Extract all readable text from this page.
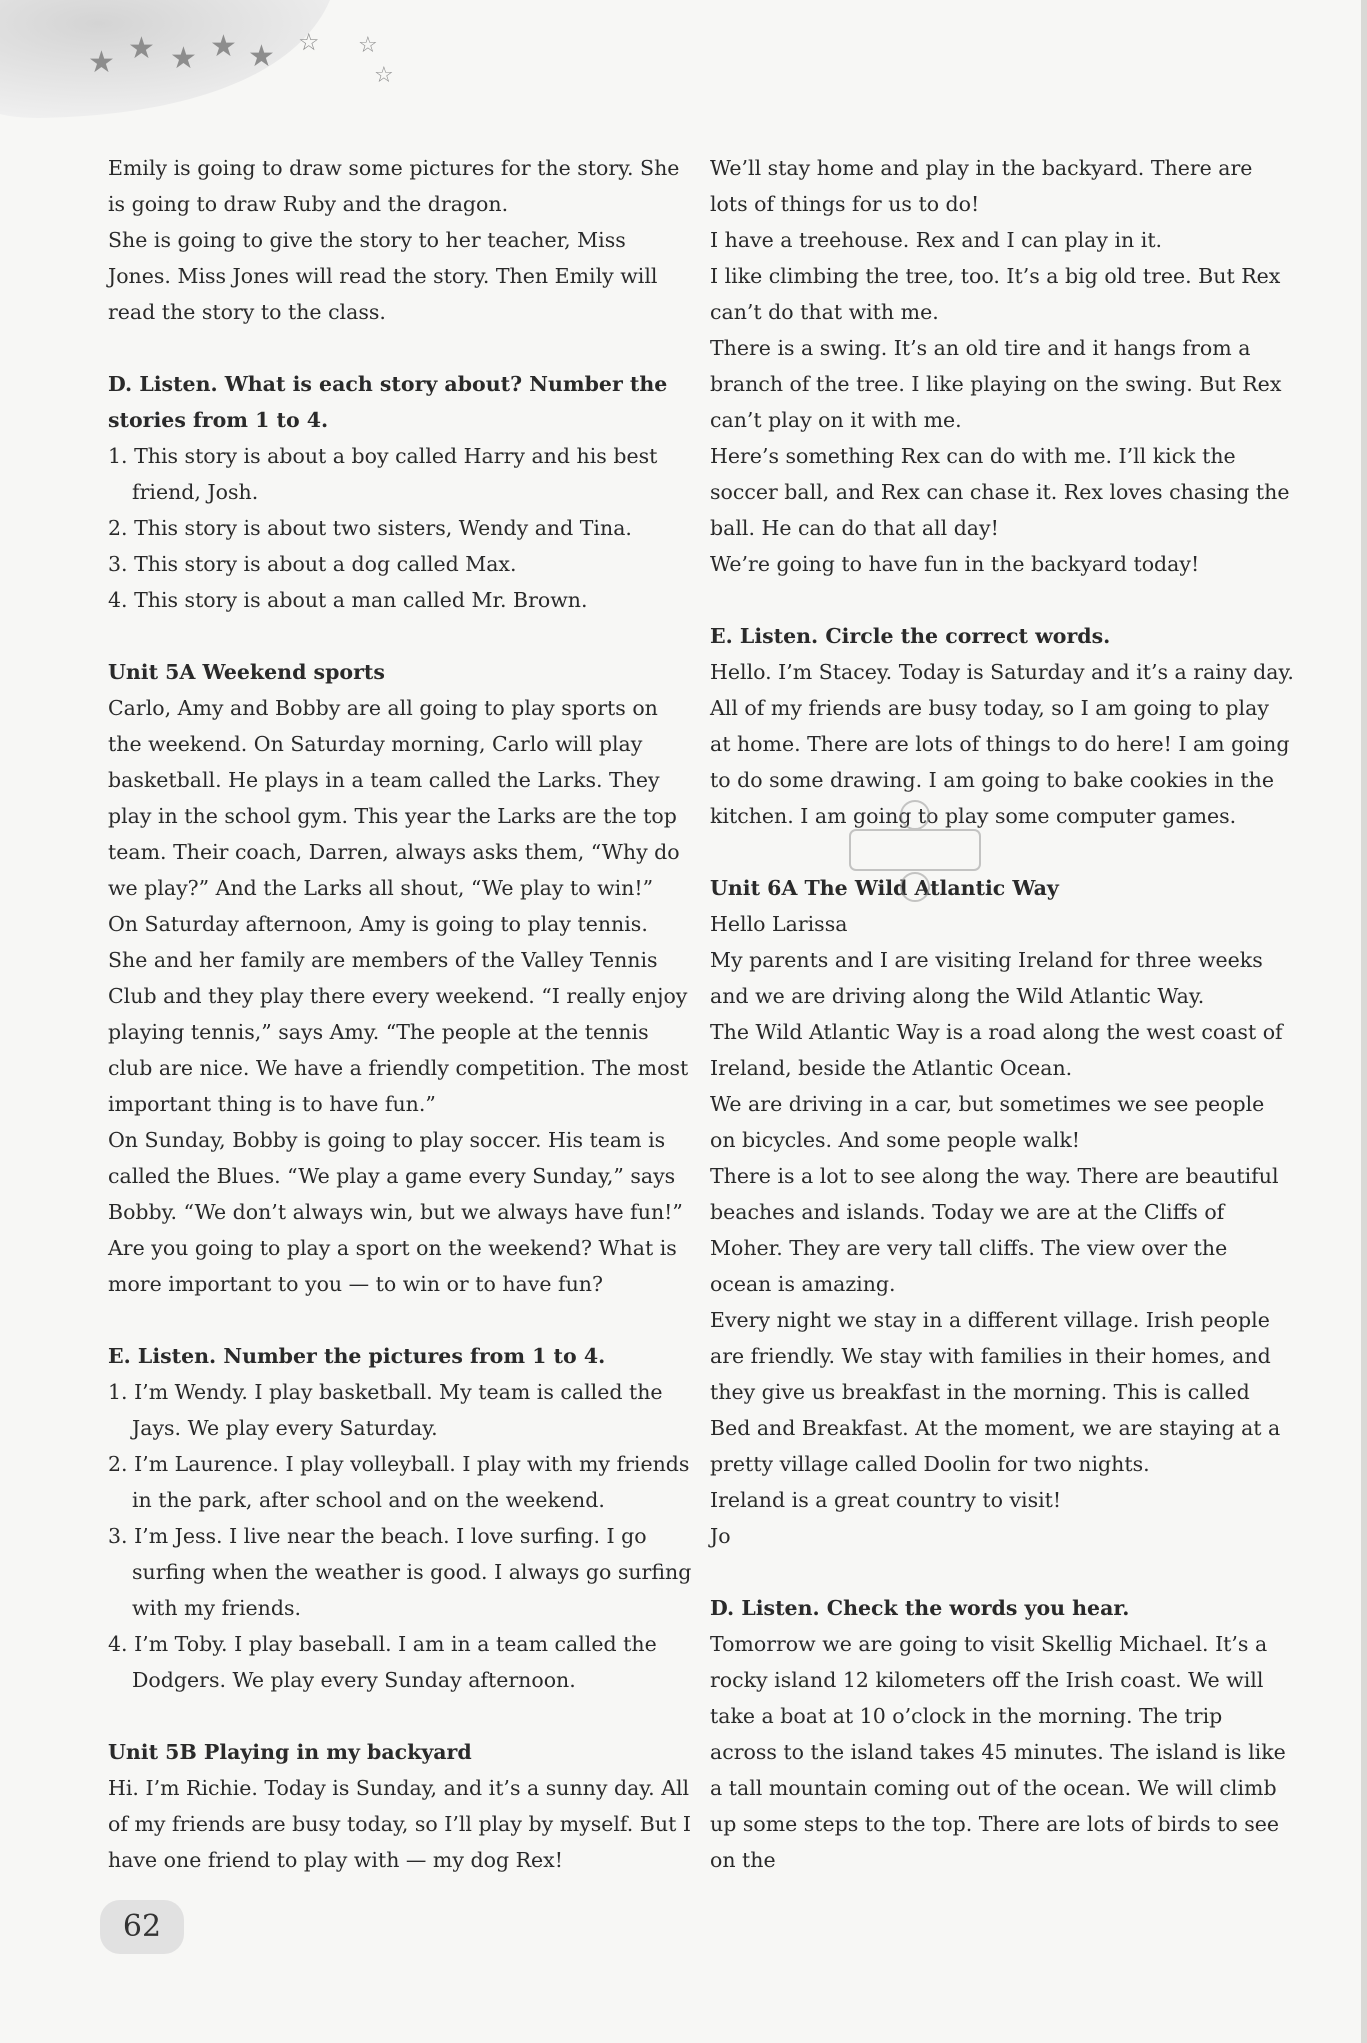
★ ★ ★ ★ ★ ☆ ☆
☆

Emily is going to draw some pictures for the story. She is going to draw Ruby and the dragon.

She is going to give the story to her teacher, Miss Jones. Miss Jones will read the story. Then Emily will read the story to the class.

D. Listen. What is each story about? Number the stories from 1 to 4.

1. This story is about a boy called Harry and his best friend, Josh.

2. This story is about two sisters, Wendy and Tina.

3. This story is about a dog called Max.

4. This story is about a man called Mr. Brown.

Unit 5A Weekend sports

Carlo, Amy and Bobby are all going to play sports on the weekend. On Saturday morning, Carlo will play basketball. He plays in a team called the Larks. They play in the school gym. This year the Larks are the top team. Their coach, Darren, always asks them, “Why do we play?” And the Larks all shout, “We play to win!”

On Saturday afternoon, Amy is going to play tennis. She and her family are members of the Valley Tennis Club and they play there every weekend. “I really enjoy playing tennis,” says Amy. “The people at the tennis club are nice. We have a friendly competition. The most important thing is to have fun.”

On Sunday, Bobby is going to play soccer. His team is called the Blues. “We play a game every Sunday,” says Bobby. “We don’t always win, but we always have fun!”

Are you going to play a sport on the weekend? What is more important to you — to win or to have fun?

E. Listen. Number the pictures from 1 to 4.

1. I’m Wendy. I play basketball. My team is called the Jays. We play every Saturday.

2. I’m Laurence. I play volleyball. I play with my friends in the park, after school and on the weekend.

3. I’m Jess. I live near the beach. I love surfing. I go surfing when the weather is good. I always go surfing with my friends.

4. I’m Toby. I play baseball. I am in a team called the Dodgers. We play every Sunday afternoon.

Unit 5B Playing in my backyard

Hi. I’m Richie. Today is Sunday, and it’s a sunny day. All of my friends are busy today, so I’ll play by myself. But I have one friend to play with — my dog Rex!

We’ll stay home and play in the backyard. There are lots of things for us to do!

I have a treehouse. Rex and I can play in it.

I like climbing the tree, too. It’s a big old tree. But Rex can’t do that with me.

There is a swing. It’s an old tire and it hangs from a branch of the tree. I like playing on the swing. But Rex can’t play on it with me.

Here’s something Rex can do with me. I’ll kick the soccer ball, and Rex can chase it. Rex loves chasing the ball. He can do that all day!

We’re going to have fun in the backyard today!

E. Listen. Circle the correct words.

Hello. I’m Stacey. Today is Saturday and it’s a rainy day. All of my friends are busy today, so I am going to play at home. There are lots of things to do here! I am going to do some drawing. I am going to bake cookies in the kitchen. I am going to play some computer games.

Unit 6A The Wild Atlantic Way

Hello Larissa

My parents and I are visiting Ireland for three weeks and we are driving along the Wild Atlantic Way.

The Wild Atlantic Way is a road along the west coast of Ireland, beside the Atlantic Ocean.

We are driving in a car, but sometimes we see people on bicycles. And some people walk!

There is a lot to see along the way. There are beautiful beaches and islands. Today we are at the Cliffs of Moher. They are very tall cliffs. The view over the ocean is amazing.

Every night we stay in a different village. Irish people are friendly. We stay with families in their homes, and they give us breakfast in the morning. This is called Bed and Breakfast. At the moment, we are staying at a pretty village called Doolin for two nights.

Ireland is a great country to visit!

Jo

D. Listen. Check the words you hear.

Tomorrow we are going to visit Skellig Michael. It’s a rocky island 12 kilometers off the Irish coast. We will take a boat at 10 o’clock in the morning. The trip across to the island takes 45 minutes. The island is like a tall mountain coming out of the ocean. We will climb up some steps to the top. There are lots of birds to see on the

62
